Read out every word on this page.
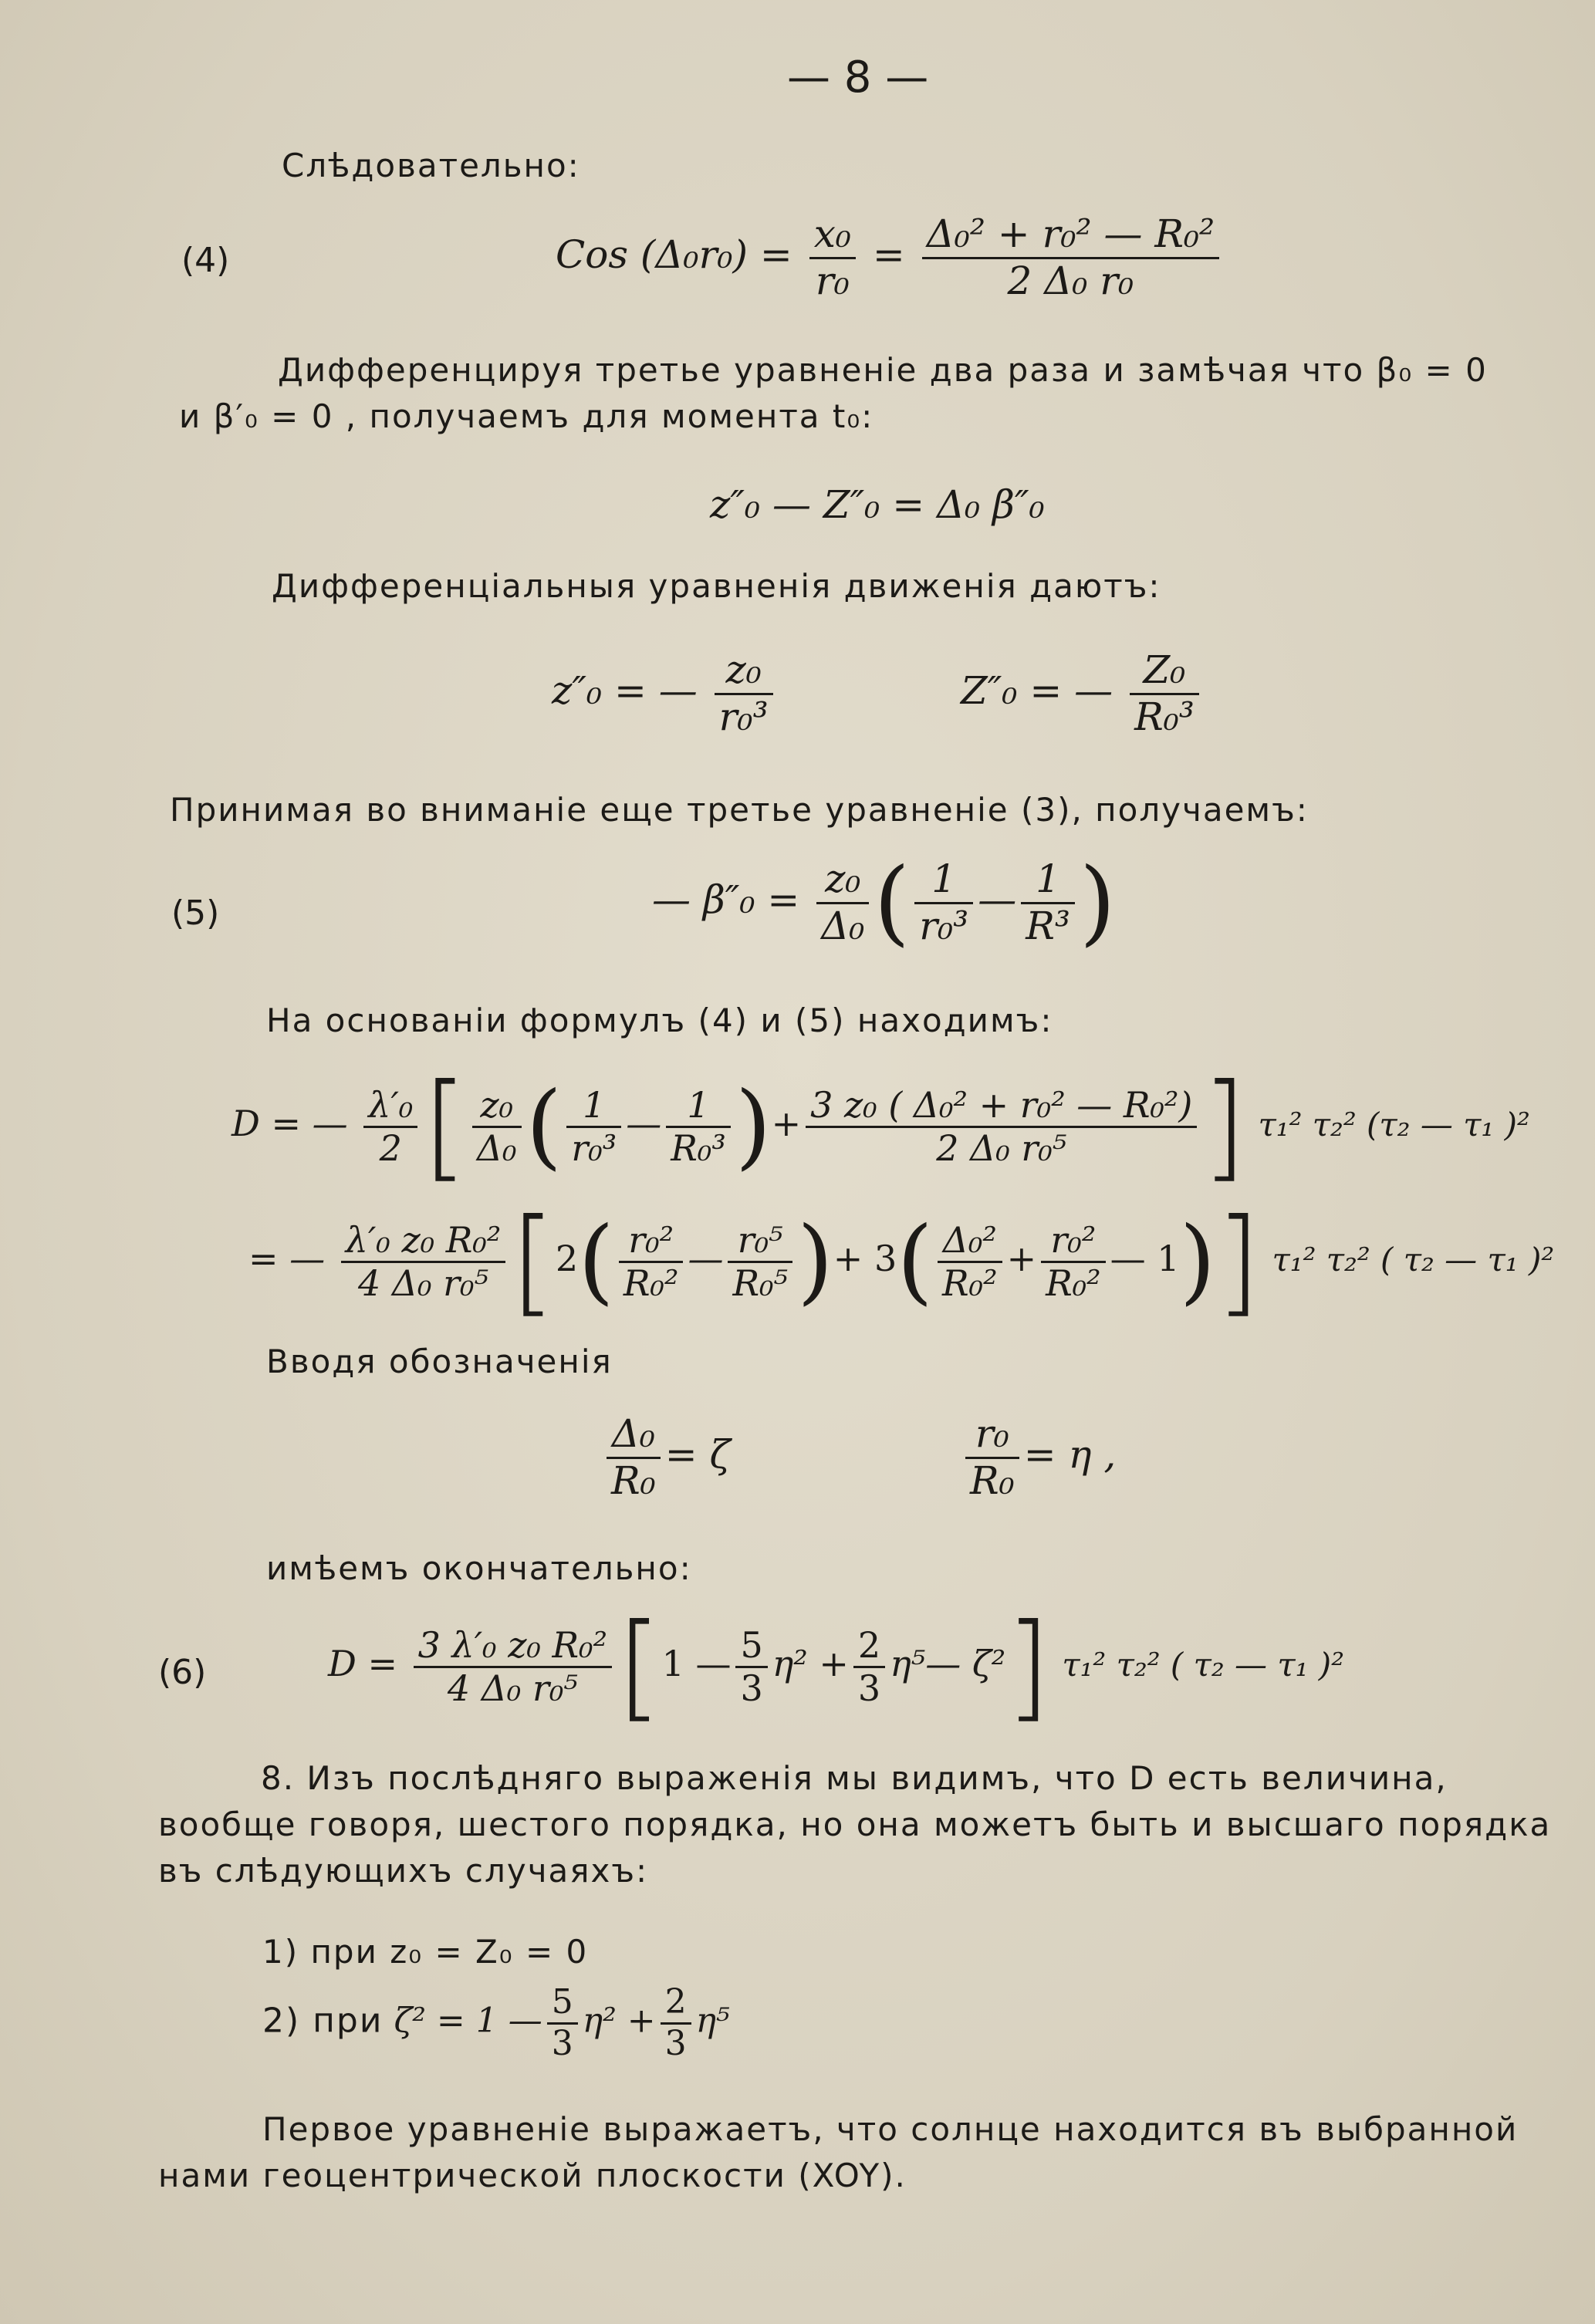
— 8 —
Слѣдовательно:
(4)	Cos $(\Delta_0r_0) = \frac{\text{x₀}}{\text{r₀}} = \frac{\text{Δ₀² + r₀² — R₀²}}{\text{2 Δ₀ r₀}}$
Дифференцируя третье уравненіе два раза и замѣчая что β₀ = 0
и β′₀ = 0 , получаемъ для момента t₀:
z″₀ — Z″₀ = Δ₀ β″₀
Дифференціальныя уравненія движенія даютъ:
z″₀ = — $\frac{\text{z₀}}{\text{r₀³}}$	Z″₀ = — $\frac{\text{Z₀}}{\text{R₀³}}$
Принимая во вниманіе еще третье уравненіе (3), получаемъ:
(5)	— $\beta''_0 = \frac{\text{z₀}}{\text{Δ₀}}$ ( $\frac{1}{\text{r₀³}}$ — $\frac{1}{\text{R³}}$ )
На основаніи формулъ (4) и (5) находимъ:
D = — $\frac{\text{λ′₀}}{2}$ [ $\frac{\text{z₀}}{\text{Δ₀}}$ ( $\frac{1}{\text{r₀³}}$ — $\frac{1}{\text{R₀³}}$ )+ $\frac{\text{3 z₀ ( Δ₀² + r₀² — R₀²)}}{\text{2 Δ₀ r₀⁵}}$ ] τ₁² τ₂² (τ₂ — τ₁ )²
= — $\frac{\text{λ′₀ z₀ R₀²}}{\text{4 Δ₀ r₀⁵}} [2( \frac{\text{r₀²}}{\text{R₀²}}$ — $\frac{\text{r₀⁵}}{\text{R₀⁵}}$ )+ $3( \frac{\text{Δ₀²}}{\text{R₀²}} + \frac{\text{r₀²}}{\text{R₀²}}$ — 1)] τ₁² τ₂² ( τ₂ — τ₁ )²
Вводя обозначенія
$\frac{\text{Δ₀}}{\text{R₀}} = \zeta$	$\frac{\text{r₀}}{\text{R₀}} = \eta$ ,
имѣемъ окончательно:
(6)	$D = \frac{\text{3 λ′₀ z₀ R₀²}}{\text{4 Δ₀ r₀⁵}} [1$ — $\frac{5}{3} \eta^2 + \frac{2}{3}$ η⁵— ζ²] τ₁² τ₂² ( τ₂ — τ₁ )²
8. Изъ послѣдняго выраженія мы видимъ, что D есть величина,
вообще говоря, шестого порядка, но она можетъ быть и высшаго порядка
въ слѣдующихъ случаяхъ:
1) при z₀ = Z₀ = 0
2) при ζ² = 1 — $\frac{5}{3} \eta^2 + \frac{2}{3} \eta^5$
Первое уравненіе выражаетъ, что солнце находится въ выбранной
нами геоцентрической плоскости (XOY).
